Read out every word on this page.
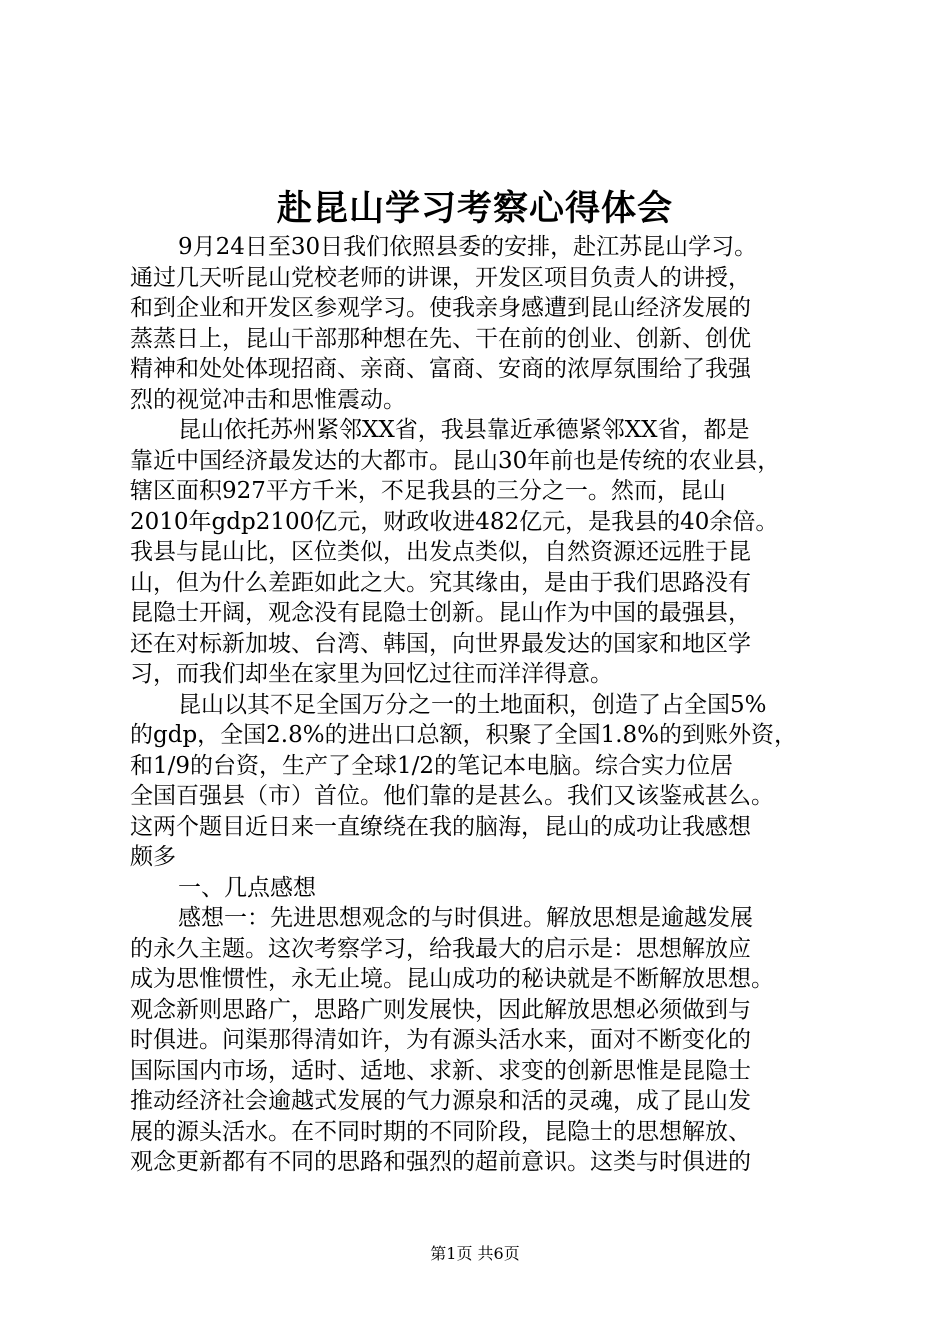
赴昆山学习考察心得体会
9月24日至30日我们依照县委的安排，赴江苏昆山学习。
通过几天听昆山党校老师的讲课，开发区项目负责人的讲授，
和到企业和开发区参观学习。使我亲身感遭到昆山经济发展的
蒸蒸日上，昆山干部那种想在先、干在前的创业、创新、创优
精神和处处体现招商、亲商、富商、安商的浓厚氛围给了我强
烈的视觉冲击和思惟震动。
昆山依托苏州紧邻XX省，我县靠近承德紧邻XX省，都是
靠近中国经济最发达的大都市。昆山30年前也是传统的农业县，
辖区面积927平方千米，不足我县的三分之一。然而，昆山
2010年gdp2100亿元，财政收进482亿元，是我县的40余倍。
我县与昆山比，区位类似，出发点类似，自然资源还远胜于昆
山，但为什么差距如此之大。究其缘由，是由于我们思路没有
昆隐士开阔，观念没有昆隐士创新。昆山作为中国的最强县，
还在对标新加坡、台湾、韩国，向世界最发达的国家和地区学
习，而我们却坐在家里为回忆过往而洋洋得意。
昆山以其不足全国万分之一的土地面积，创造了占全国5%
的gdp，全国2.8%的进出口总额，积聚了全国1.8%的到账外资，
和1/9的台资，生产了全球1/2的笔记本电脑。综合实力位居
全国百强县（市）首位。他们靠的是甚么。我们又该鉴戒甚么。
这两个题目近日来一直缭绕在我的脑海，昆山的成功让我感想
颇多
一、几点感想
感想一：先进思想观念的与时俱进。解放思想是逾越发展
的永久主题。这次考察学习，给我最大的启示是：思想解放应
成为思惟惯性，永无止境。昆山成功的秘诀就是不断解放思想。
观念新则思路广，思路广则发展快，因此解放思想必须做到与
时俱进。问渠那得清如许，为有源头活水来，面对不断变化的
国际国内市场，适时、适地、求新、求变的创新思惟是昆隐士
推动经济社会逾越式发展的气力源泉和活的灵魂，成了昆山发
展的源头活水。在不同时期的不同阶段，昆隐士的思想解放、
观念更新都有不同的思路和强烈的超前意识。这类与时俱进的
第1页 共6页
